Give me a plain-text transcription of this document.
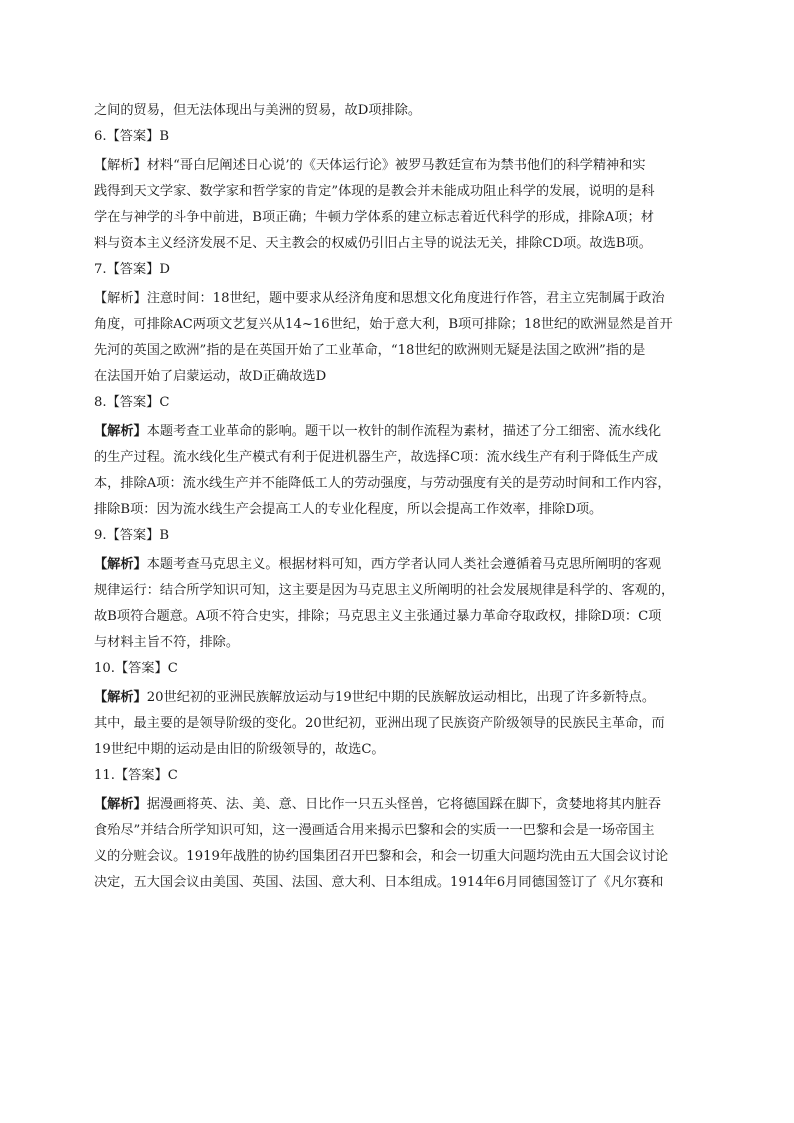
之间的贸易，但无法体现出与美洲的贸易，故D项排除。

6.【答案】B

【解析】材料“哥白尼阐述日心说’的《天体运行论》被罗马教廷宣布为禁书他们的科学精神和实

践得到天文学家、数学家和哲学家的肯定”体现的是教会并未能成功阻止科学的发展，说明的是科

学在与神学的斗争中前进，B项正确；牛顿力学体系的建立标志着近代科学的形成，排除A项；材

料与资本主义经济发展不足、天主教会的权威仍引旧占主导的说法无关，排除CD项。故选B项。

7.【答案】D

【解析】注意时间：18世纪，题中要求从经济角度和思想文化角度进行作答，君主立宪制属于政治

角度，可排除AC两项文艺复兴从14~16世纪，始于意大利，B项可排除；18世纪的欧洲显然是首开

先河的英国之欧洲”指的是在英国开始了工业革命，“18世纪的欧洲则无疑是法国之欧洲”指的是

在法国开始了启蒙运动，故D正确故选D

8.【答案】C

【解析】本题考查工业革命的影响。题干以一枚针的制作流程为素材，描述了分工细密、流水线化

的生产过程。流水线化生产模式有利于促进机器生产，故选择C项：流水线生产有利于降低生产成

本，排除A项：流水线生产并不能降低工人的劳动强度，与劳动强度有关的是劳动时间和工作内容，

排除B项：因为流水线生产会提高工人的专业化程度，所以会提高工作效率，排除D项。

9.【答案】B

【解析】本题考查马克思主义。根据材料可知，西方学者认同人类社会遵循着马克思所阐明的客观

规律运行：结合所学知识可知，这主要是因为马克思主义所阐明的社会发展规律是科学的、客观的，

故B项符合题意。A项不符合史实，排除；马克思主义主张通过暴力革命夺取政权，排除D项：C项

与材料主旨不符，排除。

10.【答案】C

【解析】20世纪初的亚洲民族解放运动与19世纪中期的民族解放运动相比，出现了许多新特点。

其中，最主要的是领导阶级的变化。20世纪初，亚洲出现了民族资产阶级领导的民族民主革命，而

19世纪中期的运动是由旧的阶级领导的，故选C。

11.【答案】C

【解析】据漫画将英、法、美、意、日比作一只五头怪兽，它将德国踩在脚下，贪婪地将其内脏吞

食殆尽”并结合所学知识可知，这一漫画适合用来揭示巴黎和会的实质一一巴黎和会是一场帝国主

义的分赃会议。1919年战胜的协约国集团召开巴黎和会，和会一切重大问题均洗由五大国会议讨论

决定，五大国会议由美国、英国、法国、意大利、日本组成。1914年6月同德国签订了《凡尔赛和
